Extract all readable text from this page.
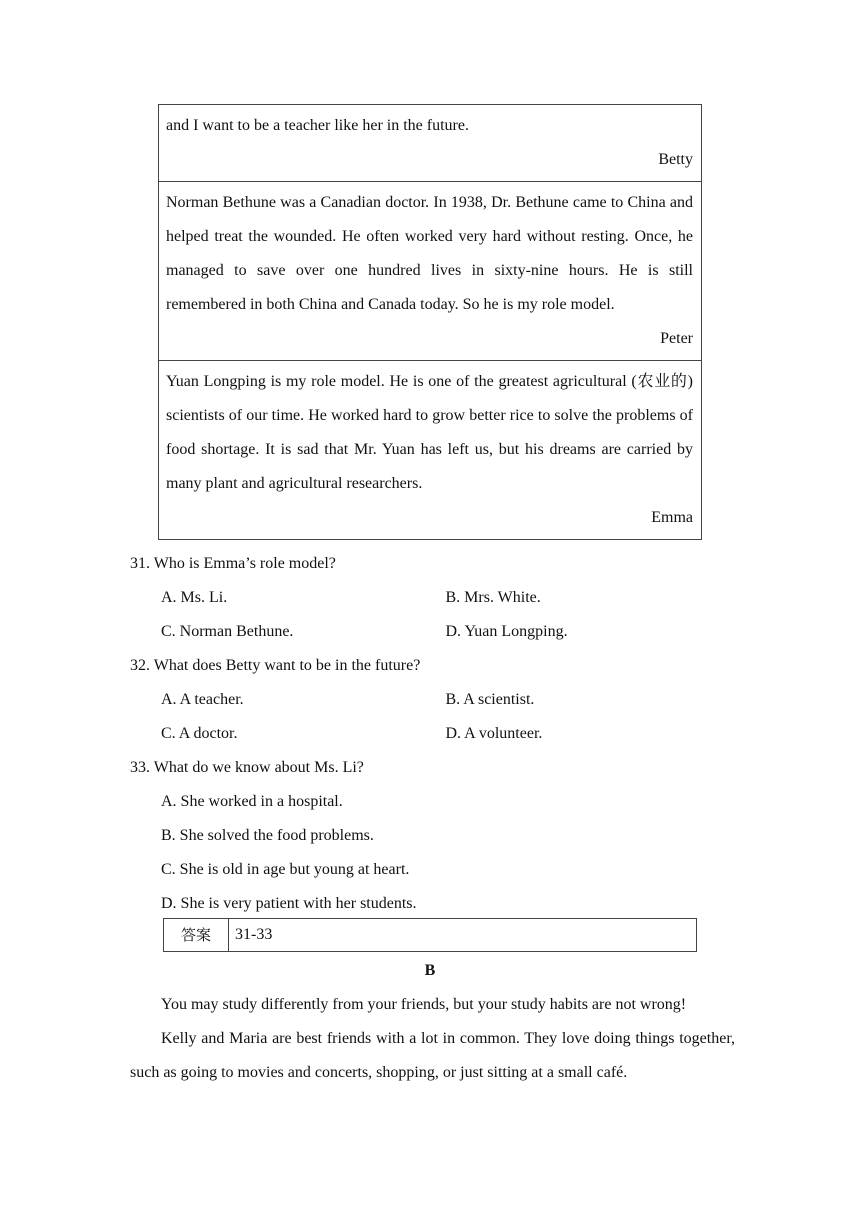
and I want to be a teacher like her in the future.

Betty

Norman Bethune was a Canadian doctor. In 1938, Dr. Bethune came to China and helped treat the wounded. He often worked very hard without resting. Once, he managed to save over one hundred lives in sixty-nine hours. He is still remembered in both China and Canada today. So he is my role model.

Peter

Yuan Longping is my role model. He is one of the greatest agricultural (农业的) scientists of our time. He worked hard to grow better rice to solve the problems of food shortage. It is sad that Mr. Yuan has left us, but his dreams are carried by many plant and agricultural researchers.

Emma

31. Who is Emma’s role model?

A. Ms. Li.	B. Mrs. White.
C. Norman Bethune.	D. Yuan Longping.

32. What does Betty want to be in the future?

A. A teacher.	B. A scientist.
C. A doctor.	D. A volunteer.

33. What do we know about Ms. Li?

A. She worked in a hospital.
B. She solved the food problems.
C. She is old in age but young at heart.
D. She is very patient with her students.
答案	31-33
B

You may study differently from your friends, but your study habits are not wrong!

Kelly and Maria are best friends with a lot in common. They love doing things together, such as going to movies and concerts, shopping, or just sitting at a small café.
